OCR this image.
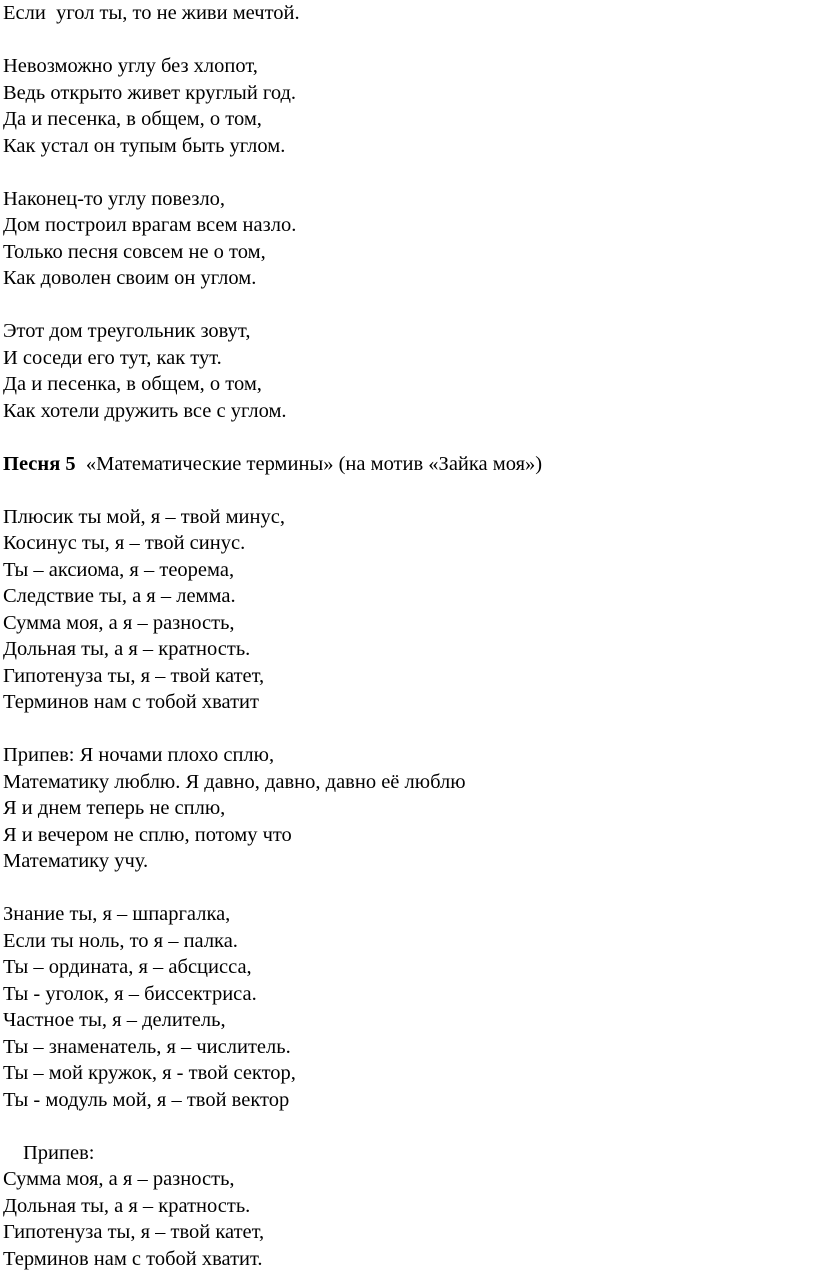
Если  угол ты, то не живи мечтой.
Невозможно углу без хлопот,
Ведь открыто живет круглый год.
Да и песенка, в общем, о том,
Как устал он тупым быть углом.
Наконец-то углу повезло,
Дом построил врагам всем назло.
Только песня совсем не о том,
Как доволен своим он углом.
Этот дом треугольник зовут,
И соседи его тут, как тут.
Да и песенка, в общем, о том,
Как хотели дружить все с углом.
Песня 5 «Математические термины» (на мотив «Зайка моя»)
Плюсик ты мой, я – твой минус,
Косинус ты, я – твой синус.
Ты – аксиома, я – теорема,
Следствие ты, а я – лемма.
Сумма моя, а я – разность,
Дольная ты, а я – кратность.
Гипотенуза ты, я – твой катет,
Терминов нам с тобой хватит
Припев: Я ночами плохо сплю,
Математику люблю. Я давно, давно, давно её люблю
Я и днем теперь не сплю,
Я и вечером не сплю, потому что
Математику учу.
Знание ты, я – шпаргалка,
Если ты ноль, то я – палка.
Ты – ордината, я – абсцисса,
Ты - уголок, я – биссектриса.
Частное ты, я – делитель,
Ты – знаменатель, я – числитель.
Ты – мой кружок, я - твой сектор,
Ты - модуль мой, я – твой вектор
Припев:
Сумма моя, а я – разность,
Дольная ты, а я – кратность.
Гипотенуза ты, я – твой катет,
Терминов нам с тобой хватит.
